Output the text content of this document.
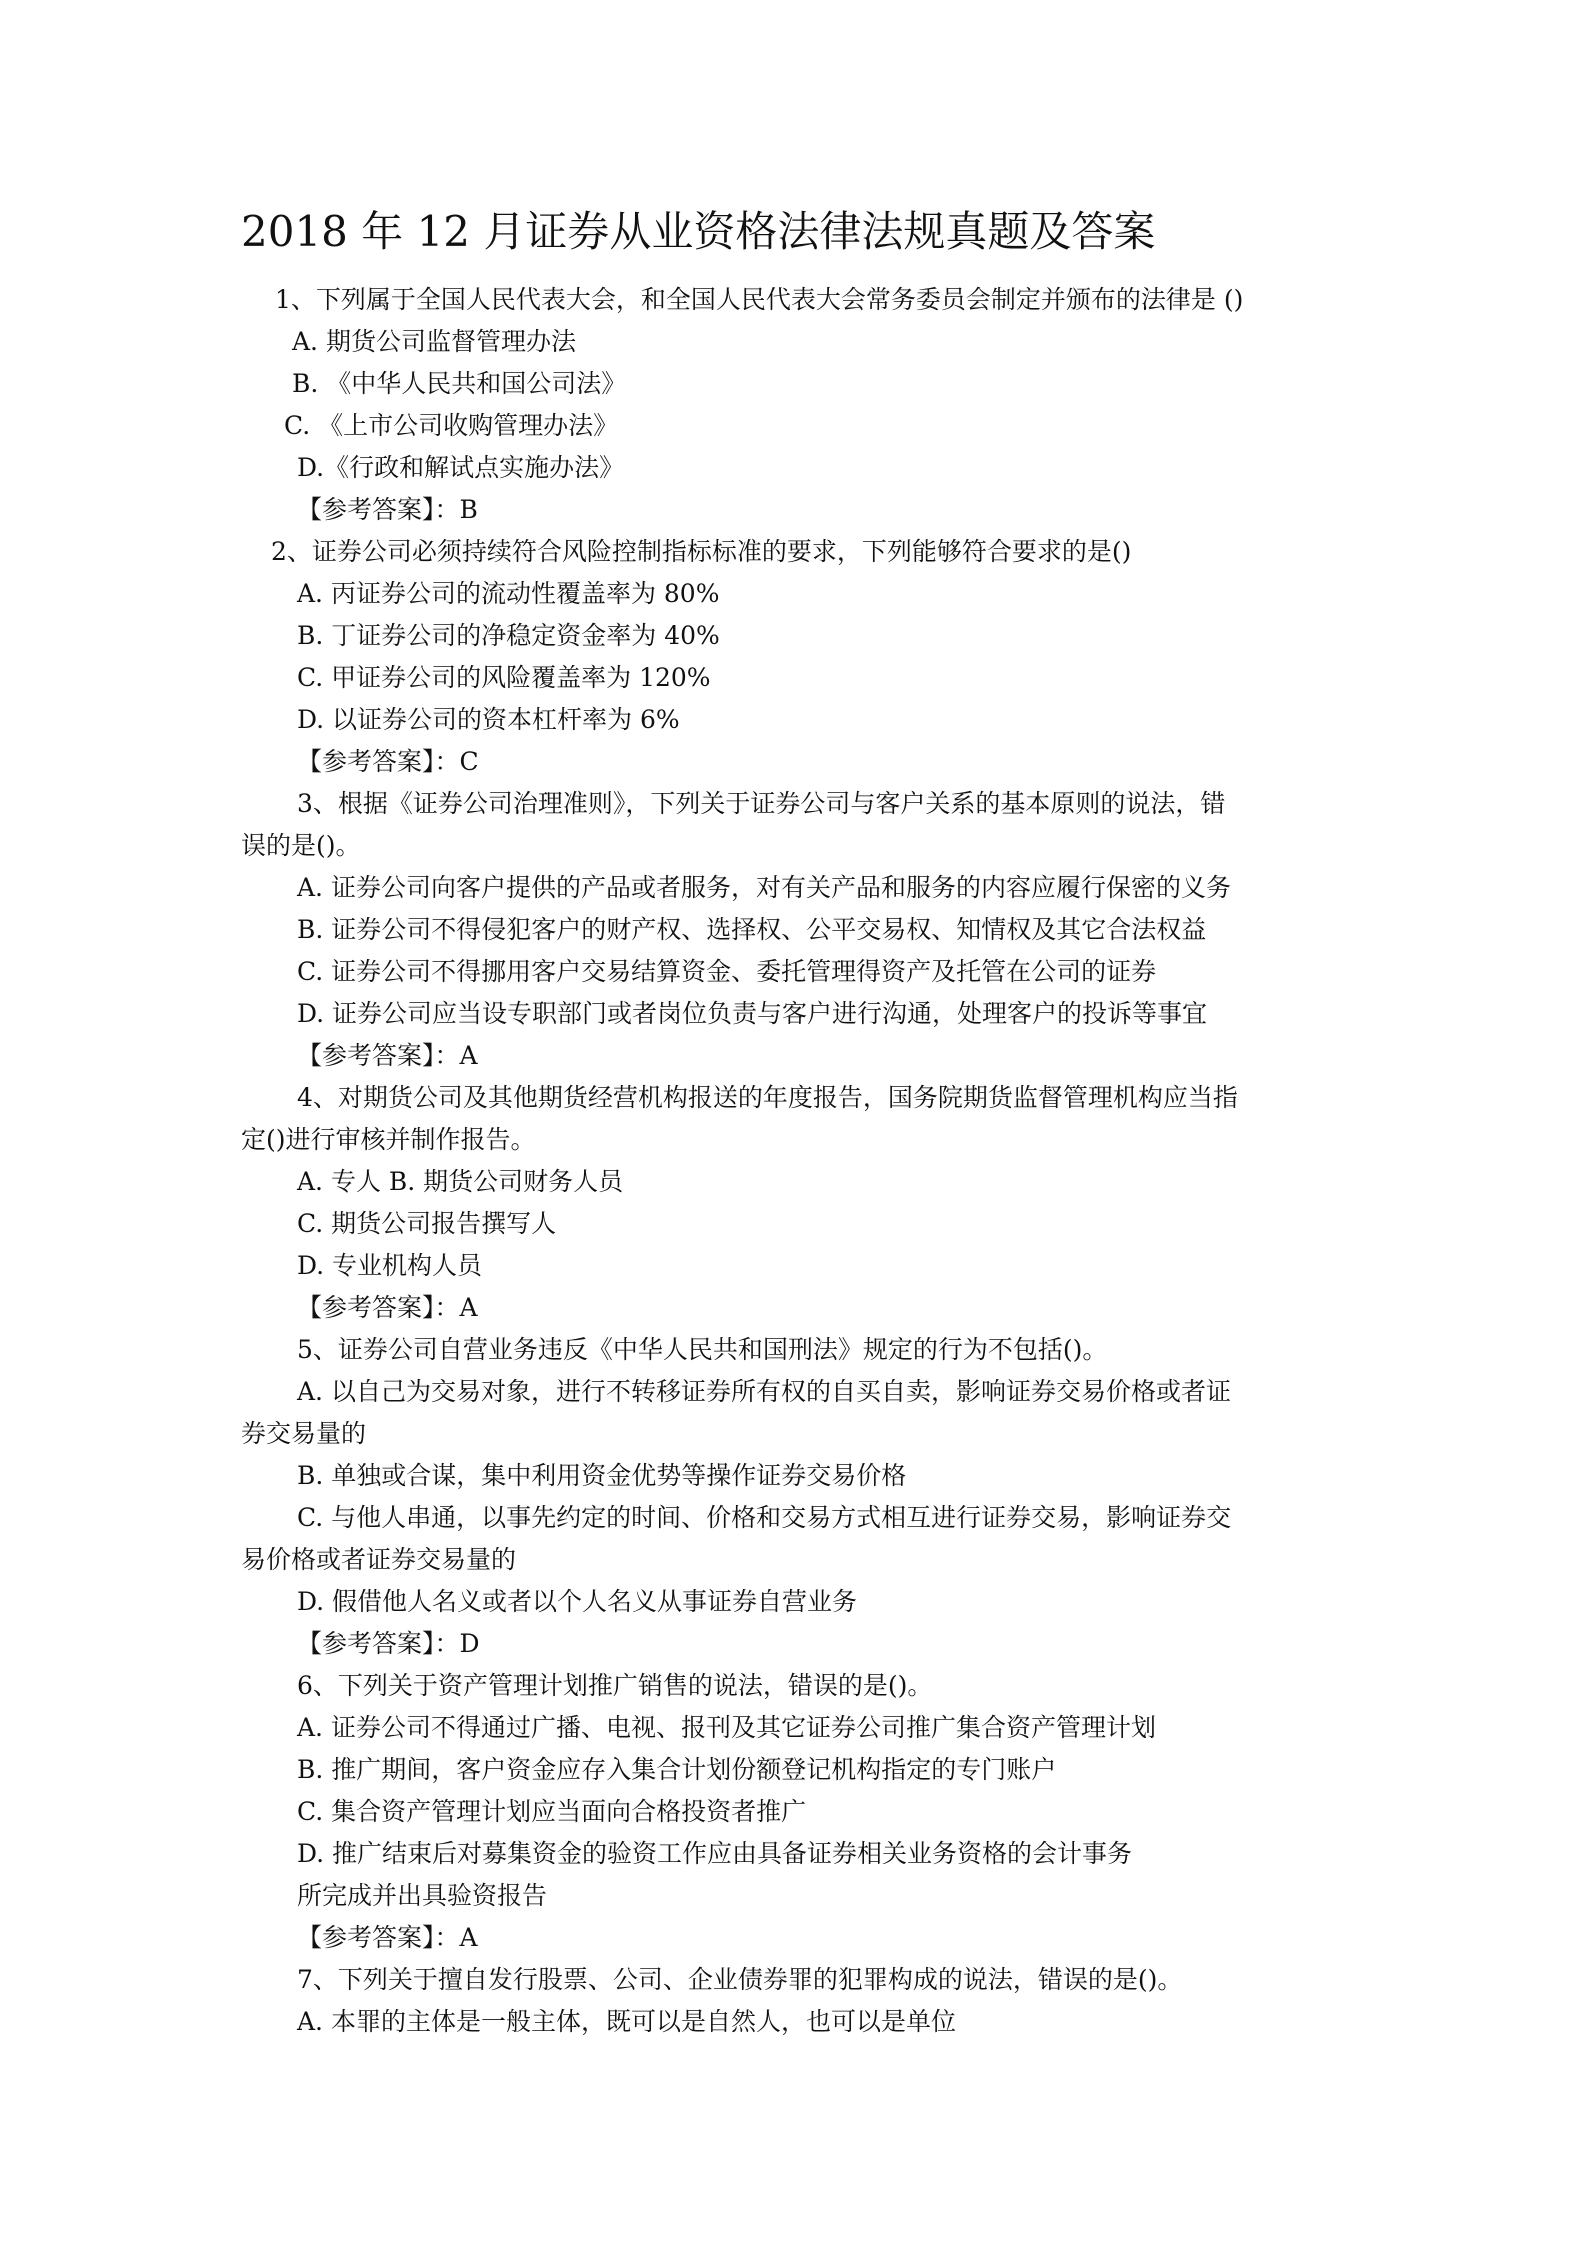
2018 年 12 月证券从业资格法律法规真题及答案

1、下列属于全国人民代表大会，和全国人民代表大会常务委员会制定并颁布的法律是 ()

A. 期货公司监督管理办法

B. 《中华人民共和国公司法》

C. 《上市公司收购管理办法》

D.《行政和解试点实施办法》

【参考答案】：B

2、证券公司必须持续符合风险控制指标标准的要求，下列能够符合要求的是()

A. 丙证券公司的流动性覆盖率为 80%

B. 丁证券公司的净稳定资金率为 40%

C. 甲证券公司的风险覆盖率为 120%

D. 以证券公司的资本杠杆率为 6%

【参考答案】：C

3、根据《证券公司治理准则》，下列关于证券公司与客户关系的基本原则的说法，错

误的是()。

A. 证券公司向客户提供的产品或者服务，对有关产品和服务的内容应履行保密的义务

B. 证券公司不得侵犯客户的财产权、选择权、公平交易权、知情权及其它合法权益

C. 证券公司不得挪用客户交易结算资金、委托管理得资产及托管在公司的证券

D. 证券公司应当设专职部门或者岗位负责与客户进行沟通，处理客户的投诉等事宜

【参考答案】：A

4、对期货公司及其他期货经营机构报送的年度报告，国务院期货监督管理机构应当指

定()进行审核并制作报告。

A. 专人 B. 期货公司财务人员

C. 期货公司报告撰写人

D. 专业机构人员

【参考答案】：A

5、证券公司自营业务违反《中华人民共和国刑法》规定的行为不包括()。

A. 以自己为交易对象，进行不转移证券所有权的自买自卖，影响证券交易价格或者证

券交易量的

B. 单独或合谋，集中利用资金优势等操作证券交易价格

C. 与他人串通，以事先约定的时间、价格和交易方式相互进行证券交易，影响证券交

易价格或者证券交易量的

D. 假借他人名义或者以个人名义从事证券自营业务

【参考答案】：D

6、下列关于资产管理计划推广销售的说法，错误的是()。

A. 证券公司不得通过广播、电视、报刊及其它证券公司推广集合资产管理计划

B. 推广期间，客户资金应存入集合计划份额登记机构指定的专门账户

C. 集合资产管理计划应当面向合格投资者推广

D. 推广结束后对募集资金的验资工作应由具备证券相关业务资格的会计事务

所完成并出具验资报告

【参考答案】：A

7、下列关于擅自发行股票、公司、企业债券罪的犯罪构成的说法，错误的是()。

A. 本罪的主体是一般主体，既可以是自然人，也可以是单位
